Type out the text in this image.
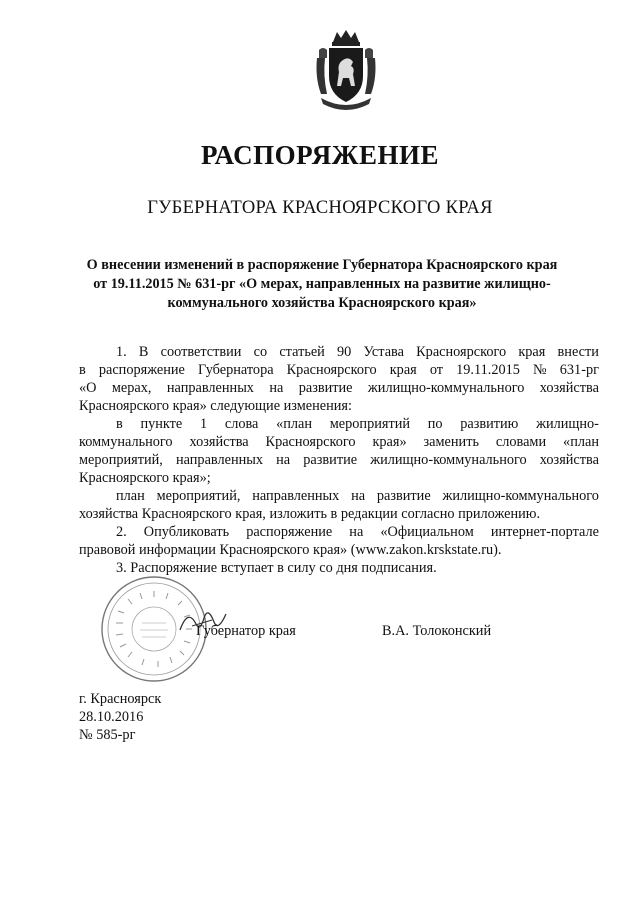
РАСПОРЯЖЕНИЕ
ГУБЕРНАТОРА КРАСНОЯРСКОГО КРАЯ
О внесении изменений в распоряжение Губернатора Красноярского края
от 19.11.2015 № 631-рг «О мерах, направленных на развитие жилищно-
коммунального хозяйства Красноярского края»
1. В соответствии со статьей 90 Устава Красноярского края внести
в распоряжение Губернатора Красноярского края от 19.11.2015 № 631-рг
«О мерах, направленных на развитие жилищно-коммунального хозяйства
Красноярского края» следующие изменения:
в пункте 1 слова «план мероприятий по развитию жилищно-
коммунального хозяйства Красноярского края» заменить словами «план
мероприятий, направленных на развитие жилищно-коммунального хозяйства
Красноярского края»;
план мероприятий, направленных на развитие жилищно-коммунального
хозяйства Красноярского края, изложить в редакции согласно приложению.
2. Опубликовать распоряжение на «Официальном интернет-портале
правовой информации Красноярского края» (www.zakon.krskstate.ru).
3. Распоряжение вступает в силу со дня подписания.
Губернатор края	В.А. Толоконский
г. Красноярск
28.10.2016
№ 585-рг
